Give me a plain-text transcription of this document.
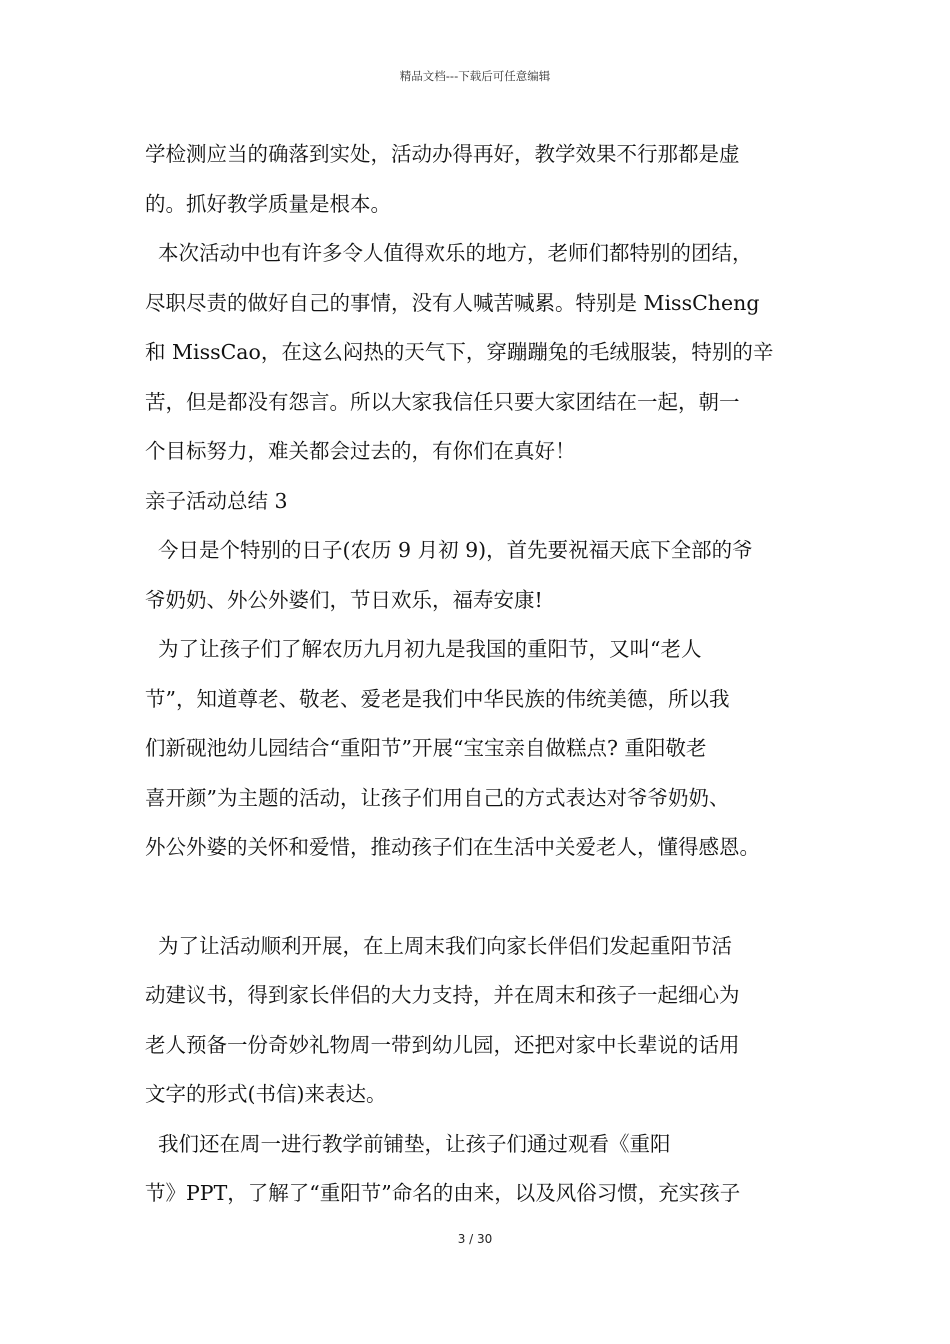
精品文档---下载后可任意编辑

学检测应当的确落到实处，活动办得再好，教学效果不行那都是虚

的。抓好教学质量是根本。

本次活动中也有许多令人值得欢乐的地方，老师们都特别的团结，

尽职尽责的做好自己的事情，没有人喊苦喊累。特别是 MissCheng

和 MissCao，在这么闷热的天气下，穿蹦蹦兔的毛绒服装，特别的辛

苦，但是都没有怨言。所以大家我信任只要大家团结在一起，朝一

个目标努力，难关都会过去的，有你们在真好！

亲子活动总结 3

今日是个特别的日子(农历 9 月初 9)，首先要祝福天底下全部的爷

爷奶奶、外公外婆们，节日欢乐，福寿安康!

为了让孩子们了解农历九月初九是我国的重阳节，又叫“老人

节”，知道尊老、敬老、爱老是我们中华民族的伟统美德，所以我

们新砚池幼儿园结合“重阳节”开展“宝宝亲自做糕点? 重阳敬老

喜开颜”为主题的活动，让孩子们用自己的方式表达对爷爷奶奶、

外公外婆的关怀和爱惜，推动孩子们在生活中关爱老人，懂得感恩。

为了让活动顺利开展，在上周末我们向家长伴侣们发起重阳节活

动建议书，得到家长伴侣的大力支持，并在周末和孩子一起细心为

老人预备一份奇妙礼物周一带到幼儿园，还把对家中长辈说的话用

文字的形式(书信)来表达。

我们还在周一进行教学前铺垫，让孩子们通过观看《重阳

节》PPT，了解了“重阳节”命名的由来，以及风俗习惯，充实孩子

3 / 30
